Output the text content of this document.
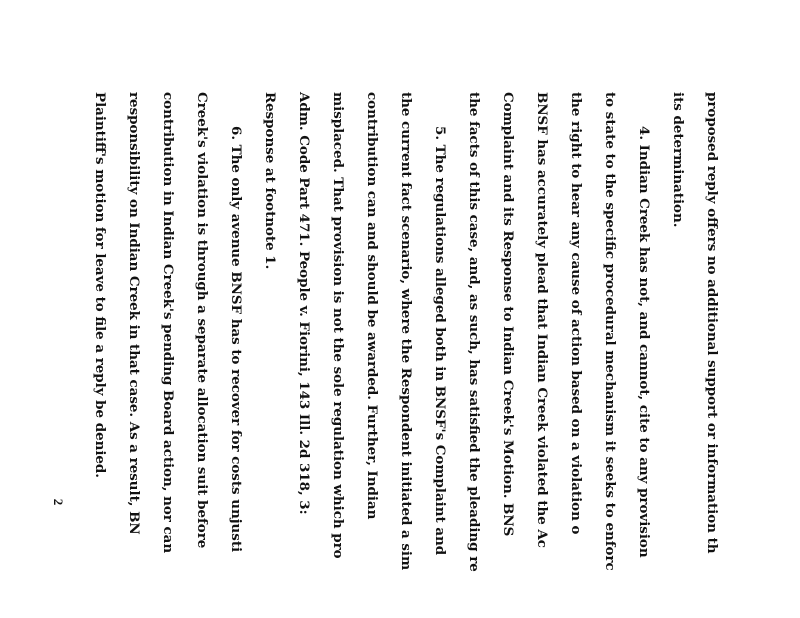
proposed reply offers no additional support or information th
its determination.
4. Indian Creek has not, and cannot, cite to any provision
to state to the specific procedural mechanism it seeks to enforc
the right to hear any cause of action based on a violation o
BNSF has accurately plead that Indian Creek violated the Ac
Complaint and its Response to Indian Creek's Motion. BNS
the facts of this case, and, as such, has satisfied the pleading re
5. The regulations alleged both in BNSF's Complaint and
the current fact scenario, where the Respondent initiated a sim
contribution can and should be awarded. Further, Indian
misplaced. That provision is not the sole regulation which pro
Adm. Code Part 471. People v. Fiorini, 143 Ill. 2d 318, 3:
Response at footnote 1.
6. The only avenue BNSF has to recover for costs unjusti
Creek's violation is through a separate allocation suit before
contribution in Indian Creek's pending Board action, nor can
responsibility on Indian Creek in that case. As a result, BN
Plaintiff's motion for leave to file a reply be denied.
2
